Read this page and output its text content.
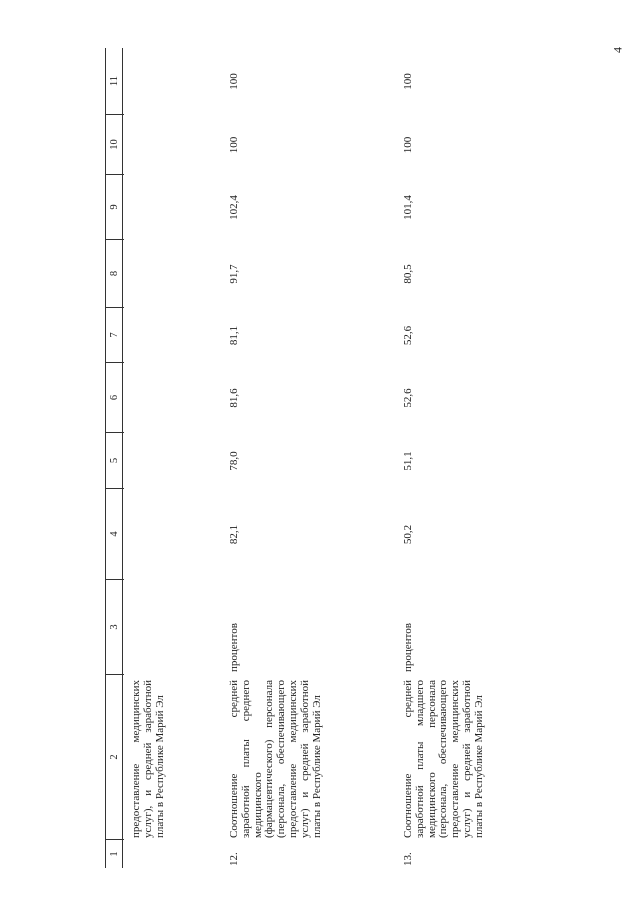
4
1
2
3
4
5
6
7
8
9
10
11
предоставление медицинских услуг), и средней заработной платы в Республике Марий Эл
12.
Соотношение средней заработной платы среднего медицинского (фармацевтического) персонала (персонала, обеспечивающего предоставление медицинских услуг) и средней заработной платы в Республике Марий Эл
процентов
82,1
78,0
81,6
81,1
91,7
102,4
100
100
13.
Соотношение средней заработной платы младшего медицинского персонала (персонала, обеспечивающего предоставление медицинских услуг) и средней заработной платы в Республике Марий Эл
процентов
50,2
51,1
52,6
52,6
80,5
101,4
100
100
